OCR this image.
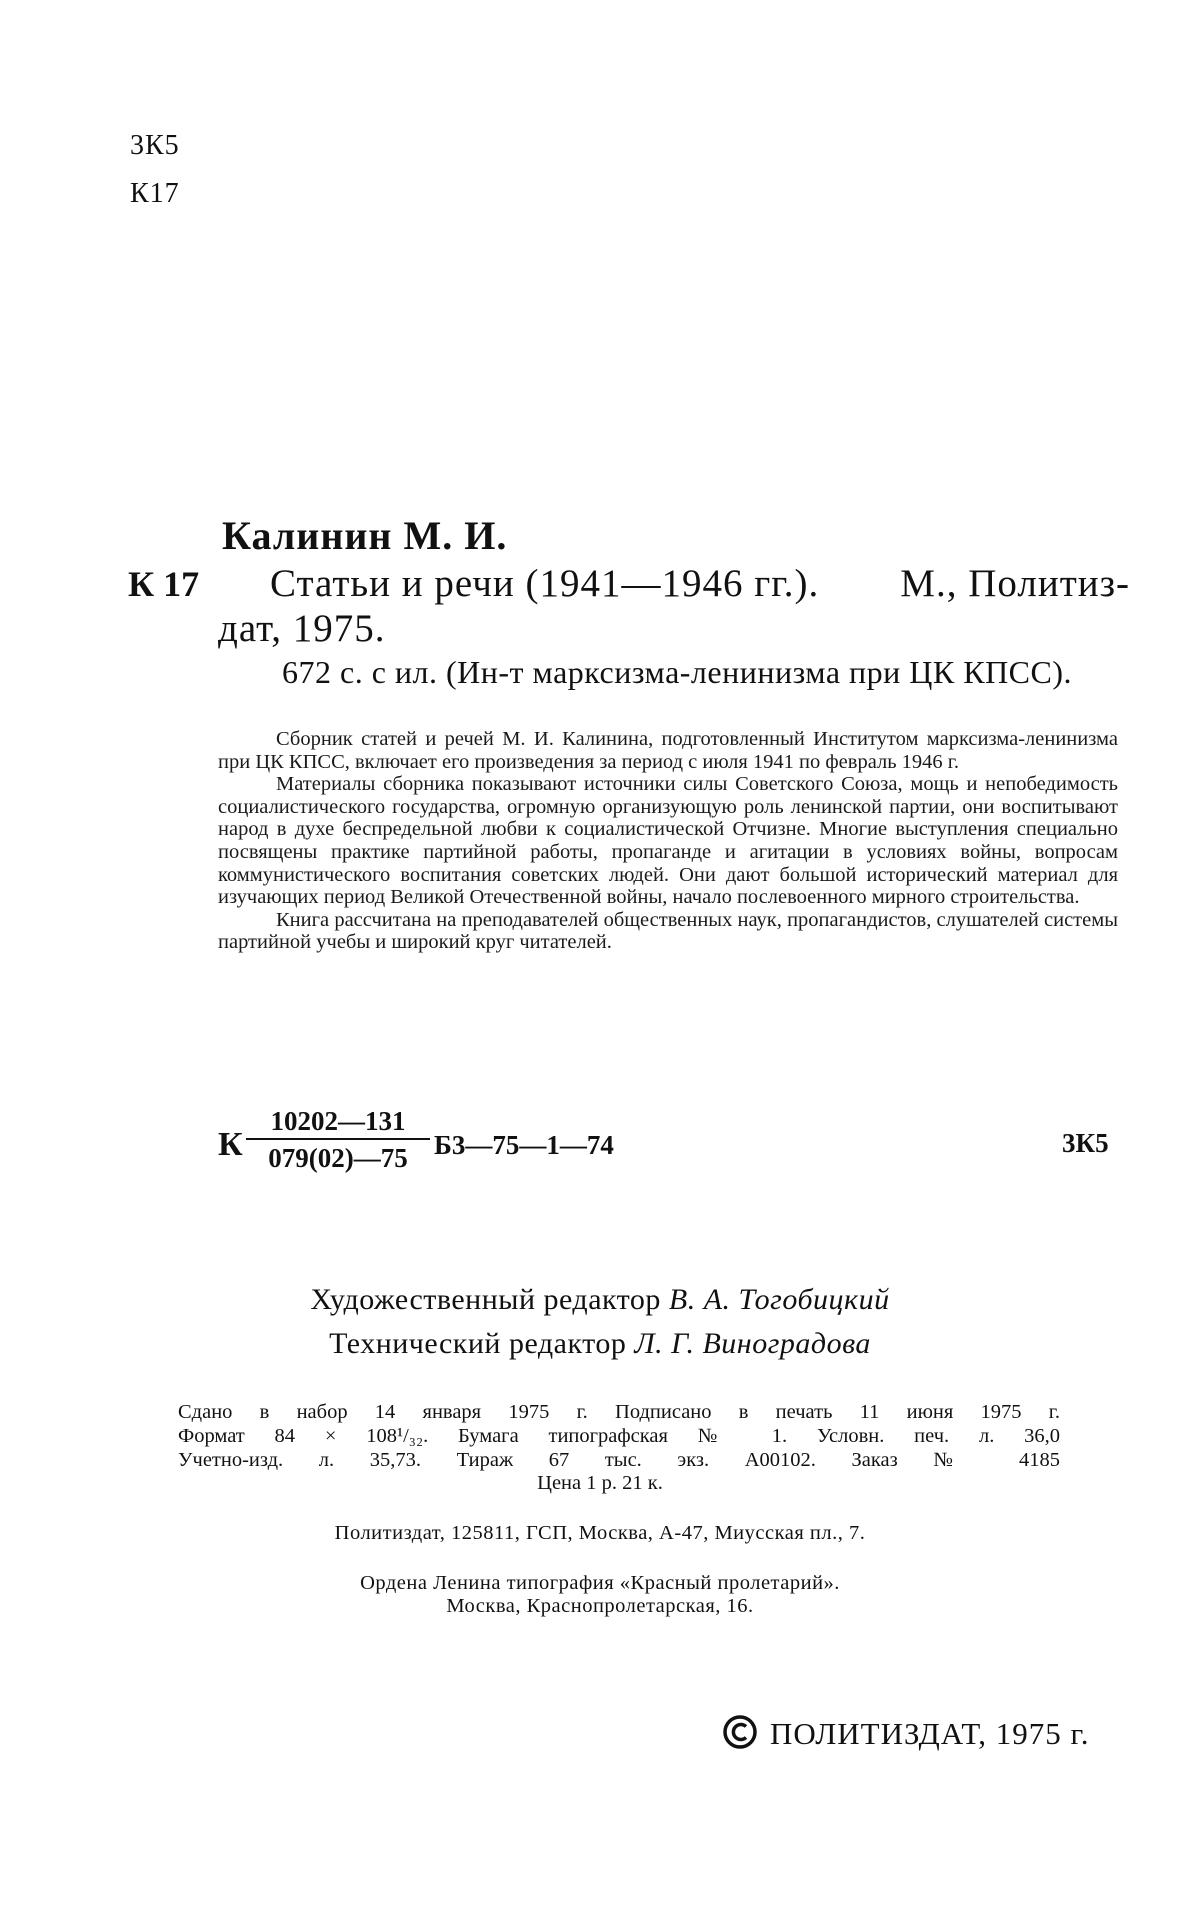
3К5
К17
Калинин М. И.
К 17 Статьи и речи (1941—1946 гг.). М., Политиз-
дат, 1975.
672 с. с ил. (Ин-т марксизма-ленинизма при ЦК КПСС).

Сборник статей и речей М. И. Калинина, подготовленный Институтом марксизма-ленинизма при ЦК КПСС, включает его произведения за период с июля 1941 по февраль 1946 г.

Материалы сборника показывают источники силы Советского Союза, мощь и непобедимость социалистического государства, огромную организующую роль ленинской партии, они воспитывают народ в духе беспредельной любви к социалистической Отчизне. Многие выступления специально посвящены практике партийной работы, пропаганде и агитации в условиях войны, вопросам коммунистического воспитания советских людей. Они дают большой исторический материал для изучающих период Великой Отечественной войны, начало послевоенного мирного строительства.

Книга рассчитана на преподавателей общественных наук, пропагандистов, слушателей системы партийной учебы и широкий круг читателей.

К
10202—131
079(02)—75 Б3—75—1—74	3К5
Художественный редактор В. А. Тогобицкий
Технический редактор Л. Г. Виноградова
Сдано в набор 14 января 1975 г. Подписано в печать 11 июня 1975 г.
Формат 84 × 108¹/₃₂. Бумага типографская № 1. Условн. печ. л. 36,0
Учетно-изд. л. 35,73. Тираж 67 тыс. экз. А00102. Заказ № 4185
Цена 1 р. 21 к.
Политиздат, 125811, ГСП, Москва, А-47, Миусская пл., 7.
Ордена Ленина типография «Красный пролетарий».
Москва, Краснопролетарская, 16.
ПОЛИТИЗДАТ, 1975 г.
